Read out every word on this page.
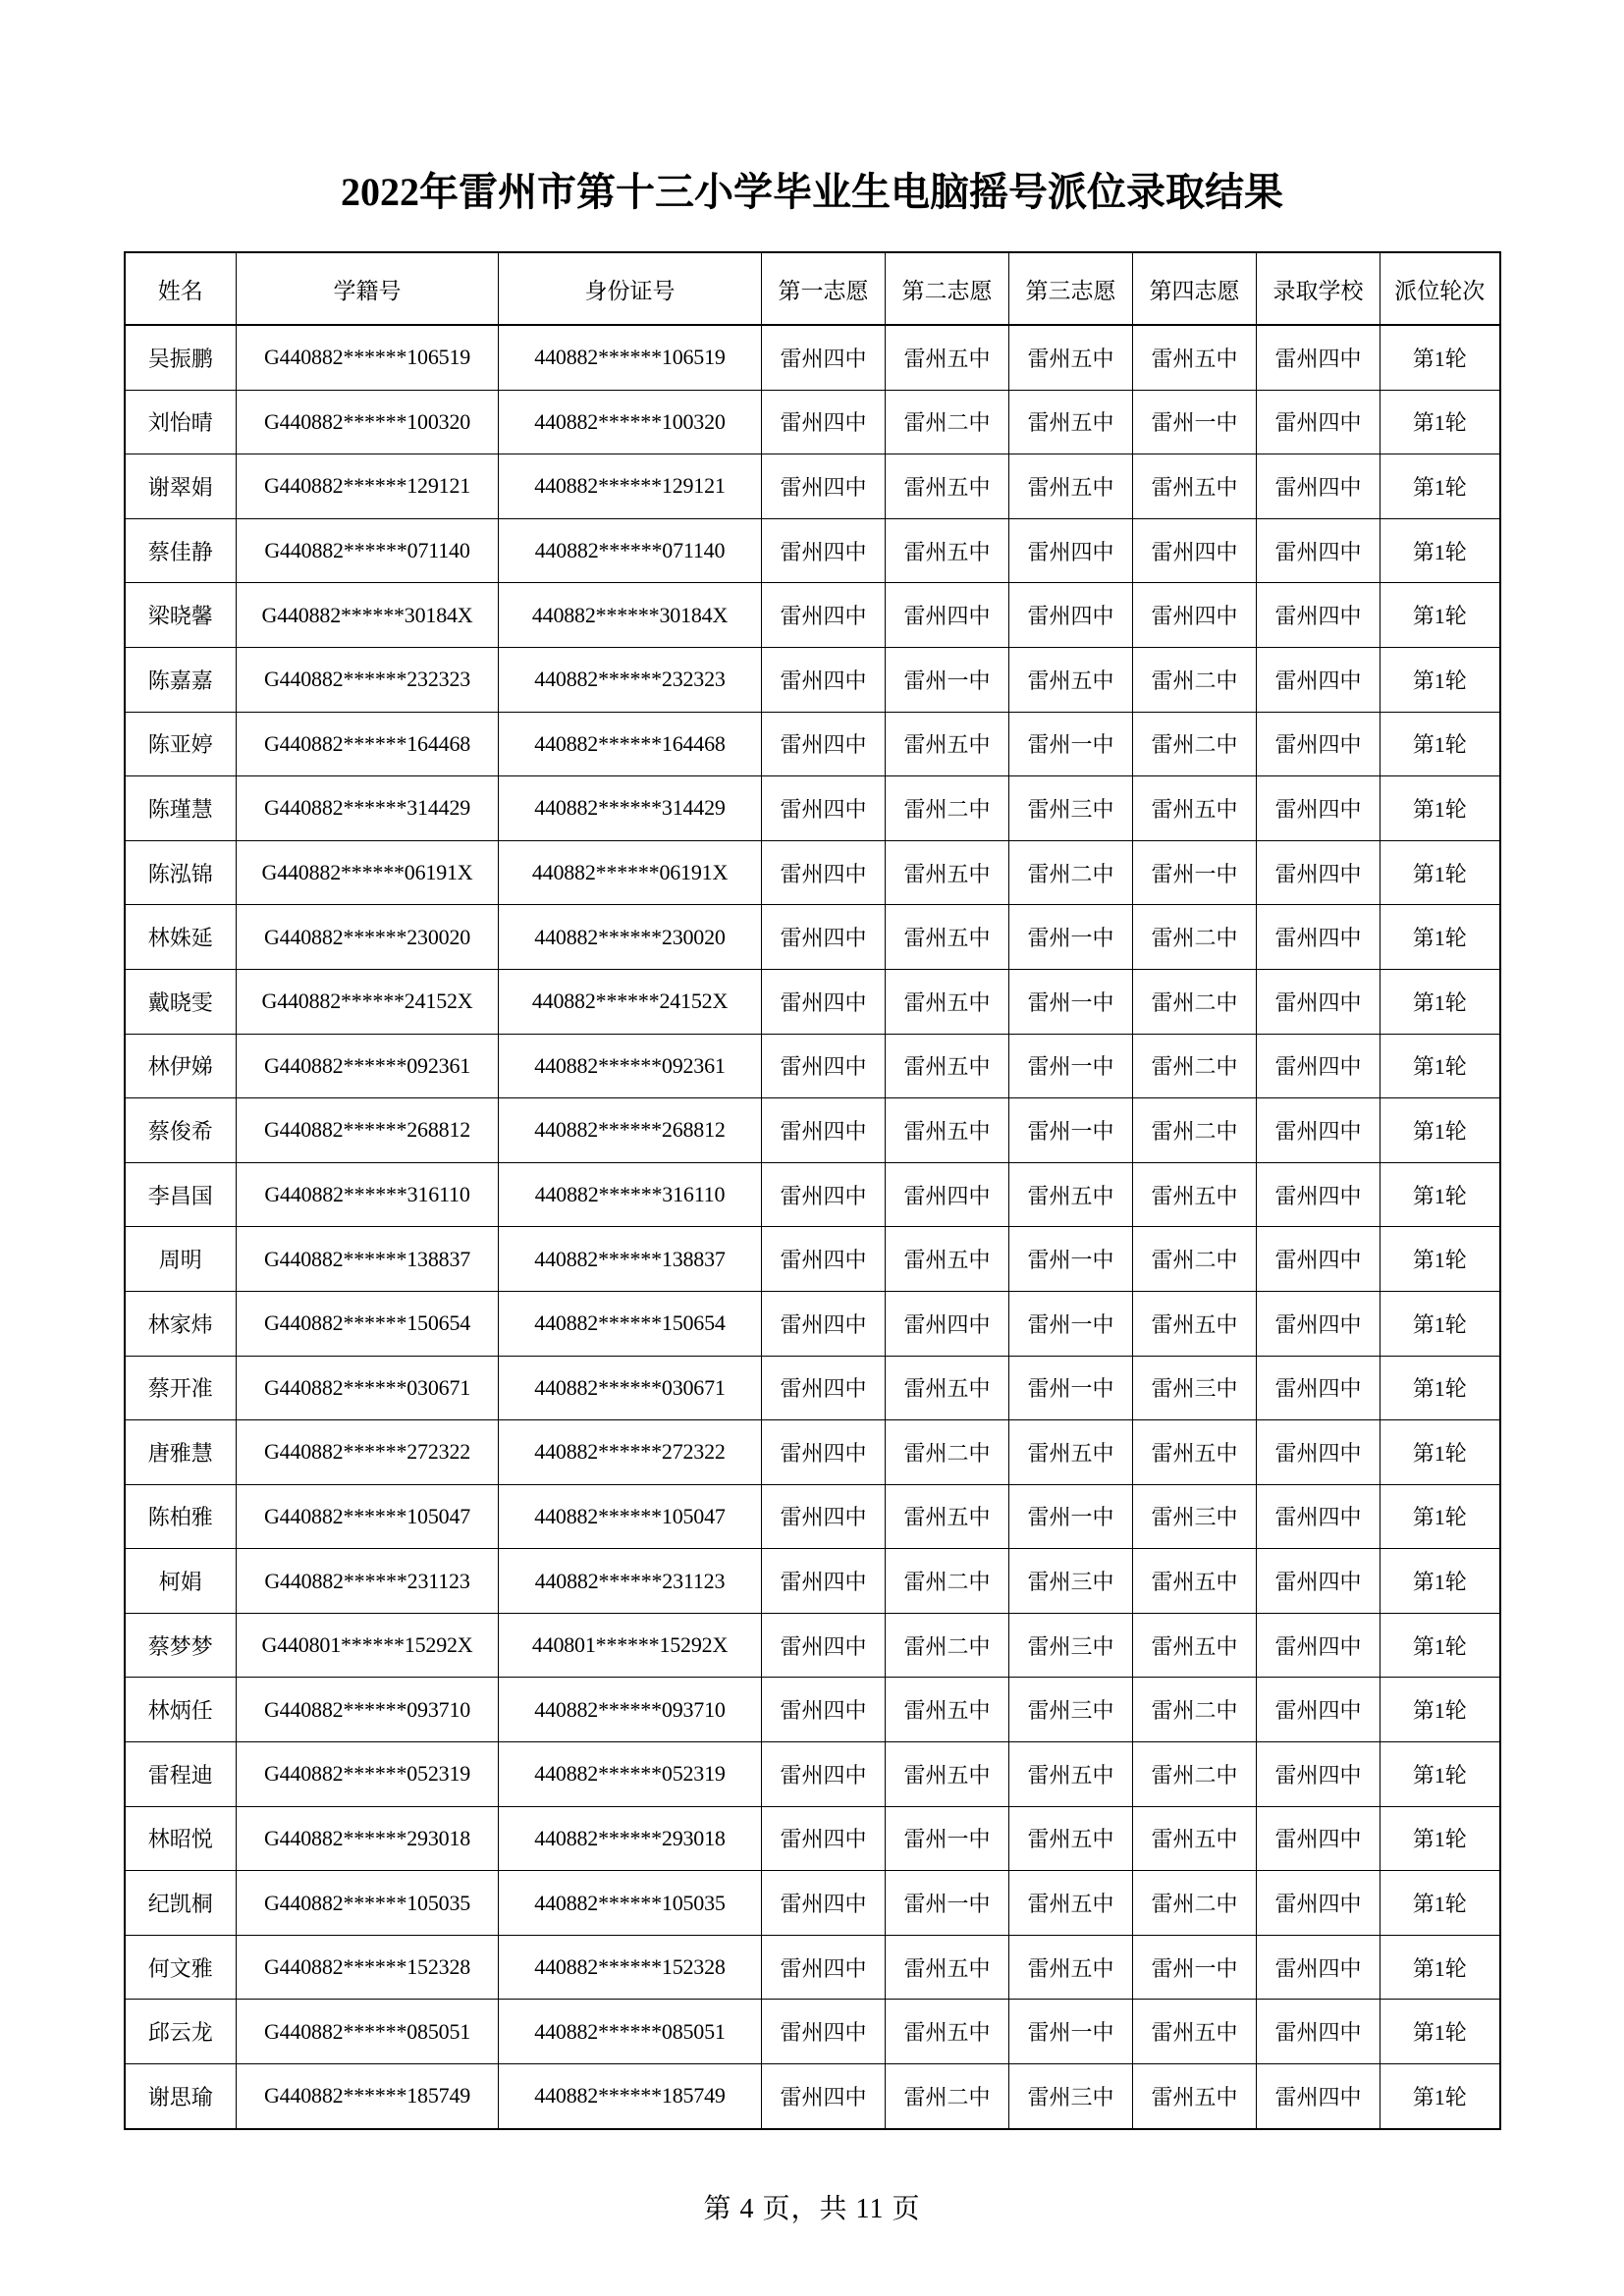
2022年雷州市第十三小学毕业生电脑摇号派位录取结果
姓名	学籍号	身份证号	第一志愿	第二志愿	第三志愿	第四志愿	录取学校	派位轮次
吴振鹏	G440882******106519	440882******106519	雷州四中	雷州五中	雷州五中	雷州五中	雷州四中	第1轮
刘怡晴	G440882******100320	440882******100320	雷州四中	雷州二中	雷州五中	雷州一中	雷州四中	第1轮
谢翠娟	G440882******129121	440882******129121	雷州四中	雷州五中	雷州五中	雷州五中	雷州四中	第1轮
蔡佳静	G440882******071140	440882******071140	雷州四中	雷州五中	雷州四中	雷州四中	雷州四中	第1轮
梁晓馨	G440882******30184X	440882******30184X	雷州四中	雷州四中	雷州四中	雷州四中	雷州四中	第1轮
陈嘉嘉	G440882******232323	440882******232323	雷州四中	雷州一中	雷州五中	雷州二中	雷州四中	第1轮
陈亚婷	G440882******164468	440882******164468	雷州四中	雷州五中	雷州一中	雷州二中	雷州四中	第1轮
陈瑾慧	G440882******314429	440882******314429	雷州四中	雷州二中	雷州三中	雷州五中	雷州四中	第1轮
陈泓锦	G440882******06191X	440882******06191X	雷州四中	雷州五中	雷州二中	雷州一中	雷州四中	第1轮
林姝延	G440882******230020	440882******230020	雷州四中	雷州五中	雷州一中	雷州二中	雷州四中	第1轮
戴晓雯	G440882******24152X	440882******24152X	雷州四中	雷州五中	雷州一中	雷州二中	雷州四中	第1轮
林伊娣	G440882******092361	440882******092361	雷州四中	雷州五中	雷州一中	雷州二中	雷州四中	第1轮
蔡俊希	G440882******268812	440882******268812	雷州四中	雷州五中	雷州一中	雷州二中	雷州四中	第1轮
李昌国	G440882******316110	440882******316110	雷州四中	雷州四中	雷州五中	雷州五中	雷州四中	第1轮
周明	G440882******138837	440882******138837	雷州四中	雷州五中	雷州一中	雷州二中	雷州四中	第1轮
林家炜	G440882******150654	440882******150654	雷州四中	雷州四中	雷州一中	雷州五中	雷州四中	第1轮
蔡开准	G440882******030671	440882******030671	雷州四中	雷州五中	雷州一中	雷州三中	雷州四中	第1轮
唐雅慧	G440882******272322	440882******272322	雷州四中	雷州二中	雷州五中	雷州五中	雷州四中	第1轮
陈柏雅	G440882******105047	440882******105047	雷州四中	雷州五中	雷州一中	雷州三中	雷州四中	第1轮
柯娟	G440882******231123	440882******231123	雷州四中	雷州二中	雷州三中	雷州五中	雷州四中	第1轮
蔡梦梦	G440801******15292X	440801******15292X	雷州四中	雷州二中	雷州三中	雷州五中	雷州四中	第1轮
林炳任	G440882******093710	440882******093710	雷州四中	雷州五中	雷州三中	雷州二中	雷州四中	第1轮
雷程迪	G440882******052319	440882******052319	雷州四中	雷州五中	雷州五中	雷州二中	雷州四中	第1轮
林昭悦	G440882******293018	440882******293018	雷州四中	雷州一中	雷州五中	雷州五中	雷州四中	第1轮
纪凯桐	G440882******105035	440882******105035	雷州四中	雷州一中	雷州五中	雷州二中	雷州四中	第1轮
何文雅	G440882******152328	440882******152328	雷州四中	雷州五中	雷州五中	雷州一中	雷州四中	第1轮
邱云龙	G440882******085051	440882******085051	雷州四中	雷州五中	雷州一中	雷州五中	雷州四中	第1轮
谢思瑜	G440882******185749	440882******185749	雷州四中	雷州二中	雷州三中	雷州五中	雷州四中	第1轮
第 4 页，共 11 页
